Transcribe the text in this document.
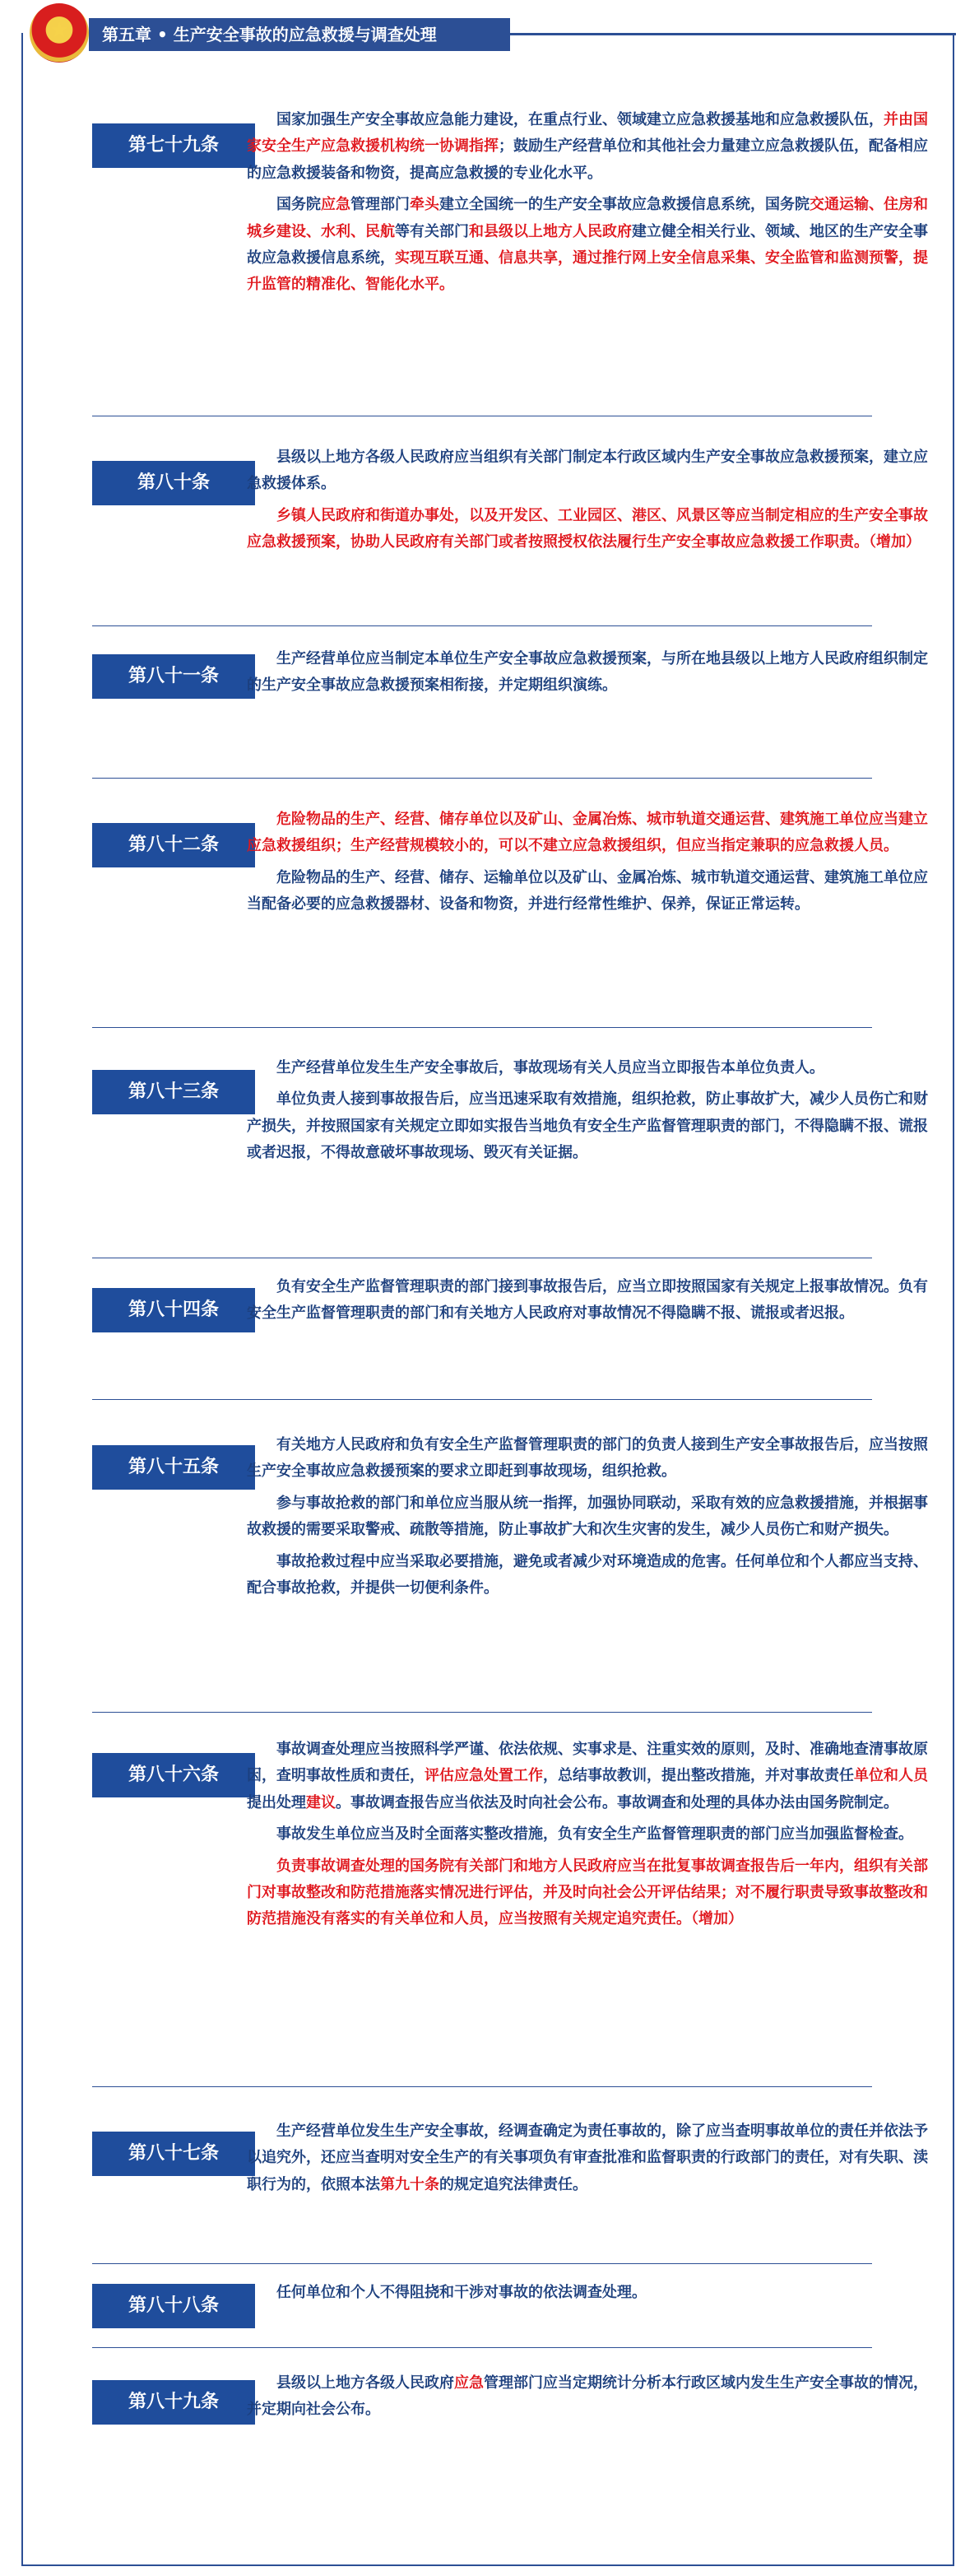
★	第五章 • 生产安全事故的应急救援与调查处理
第七十九条

国家加强生产安全事故应急能力建设，在重点行业、领域建立应急救援基地和应急救援队伍，并由国家安全生产应急救援机构统一协调指挥；鼓励生产经营单位和其他社会力量建立应急救援队伍，配备相应的应急救援装备和物资，提高应急救援的专业化水平。

国务院应急管理部门牵头建立全国统一的生产安全事故应急救援信息系统，国务院交通运输、住房和城乡建设、水利、民航等有关部门和县级以上地方人民政府建立健全相关行业、领域、地区的生产安全事故应急救援信息系统，实现互联互通、信息共享，通过推行网上安全信息采集、安全监管和监测预警，提升监管的精准化、智能化水平。

第八十条

县级以上地方各级人民政府应当组织有关部门制定本行政区域内生产安全事故应急救援预案，建立应急救援体系。

乡镇人民政府和街道办事处，以及开发区、工业园区、港区、风景区等应当制定相应的生产安全事故应急救援预案，协助人民政府有关部门或者按照授权依法履行生产安全事故应急救援工作职责。（增加）

第八十一条

生产经营单位应当制定本单位生产安全事故应急救援预案，与所在地县级以上地方人民政府组织制定的生产安全事故应急救援预案相衔接，并定期组织演练。

第八十二条

危险物品的生产、经营、储存单位以及矿山、金属冶炼、城市轨道交通运营、建筑施工单位应当建立应急救援组织；生产经营规模较小的，可以不建立应急救援组织，但应当指定兼职的应急救援人员。

危险物品的生产、经营、储存、运输单位以及矿山、金属冶炼、城市轨道交通运营、建筑施工单位应当配备必要的应急救援器材、设备和物资，并进行经常性维护、保养，保证正常运转。

第八十三条

生产经营单位发生生产安全事故后，事故现场有关人员应当立即报告本单位负责人。

单位负责人接到事故报告后，应当迅速采取有效措施，组织抢救，防止事故扩大，减少人员伤亡和财产损失，并按照国家有关规定立即如实报告当地负有安全生产监督管理职责的部门，不得隐瞒不报、谎报或者迟报，不得故意破坏事故现场、毁灭有关证据。

第八十四条

负有安全生产监督管理职责的部门接到事故报告后，应当立即按照国家有关规定上报事故情况。负有安全生产监督管理职责的部门和有关地方人民政府对事故情况不得隐瞒不报、谎报或者迟报。

第八十五条

有关地方人民政府和负有安全生产监督管理职责的部门的负责人接到生产安全事故报告后，应当按照生产安全事故应急救援预案的要求立即赶到事故现场，组织抢救。

参与事故抢救的部门和单位应当服从统一指挥，加强协同联动，采取有效的应急救援措施，并根据事故救援的需要采取警戒、疏散等措施，防止事故扩大和次生灾害的发生，减少人员伤亡和财产损失。

事故抢救过程中应当采取必要措施，避免或者减少对环境造成的危害。任何单位和个人都应当支持、配合事故抢救，并提供一切便利条件。

第八十六条

事故调查处理应当按照科学严谨、依法依规、实事求是、注重实效的原则，及时、准确地查清事故原因，查明事故性质和责任，评估应急处置工作，总结事故教训，提出整改措施，并对事故责任单位和人员提出处理建议。事故调查报告应当依法及时向社会公布。事故调查和处理的具体办法由国务院制定。

事故发生单位应当及时全面落实整改措施，负有安全生产监督管理职责的部门应当加强监督检查。

负责事故调查处理的国务院有关部门和地方人民政府应当在批复事故调查报告后一年内，组织有关部门对事故整改和防范措施落实情况进行评估，并及时向社会公开评估结果；对不履行职责导致事故整改和防范措施没有落实的有关单位和人员，应当按照有关规定追究责任。（增加）

第八十七条

生产经营单位发生生产安全事故，经调查确定为责任事故的，除了应当查明事故单位的责任并依法予以追究外，还应当查明对安全生产的有关事项负有审查批准和监督职责的行政部门的责任，对有失职、渎职行为的，依照本法第九十条的规定追究法律责任。

第八十八条

任何单位和个人不得阻挠和干涉对事故的依法调查处理。

第八十九条

县级以上地方各级人民政府应急管理部门应当定期统计分析本行政区域内发生生产安全事故的情况，并定期向社会公布。
